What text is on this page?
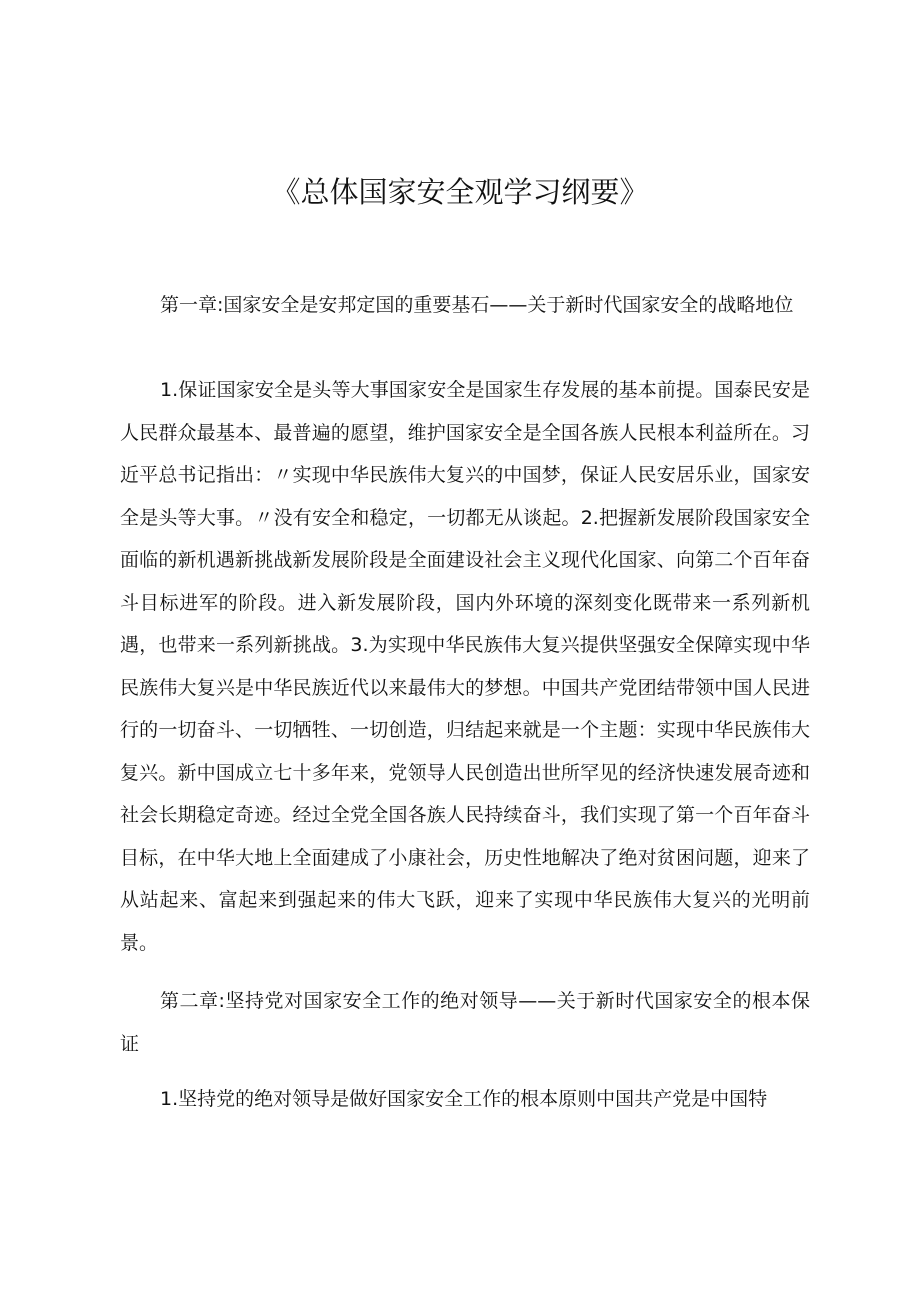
《总体国家安全观学习纲要》

第一章:国家安全是安邦定国的重要基石——关于新时代国家安全的战略地位

1.保证国家安全是头等大事国家安全是国家生存发展的基本前提。国泰民安是人民群众最基本、最普遍的愿望，维护国家安全是全国各族人民根本利益所在。习近平总书记指出：〃实现中华民族伟大复兴的中国梦，保证人民安居乐业，国家安全是头等大事。〃没有安全和稳定，一切都无从谈起。2.把握新发展阶段国家安全面临的新机遇新挑战新发展阶段是全面建设社会主义现代化国家、向第二个百年奋斗目标进军的阶段。进入新发展阶段，国内外环境的深刻变化既带来一系列新机遇，也带来一系列新挑战。3.为实现中华民族伟大复兴提供坚强安全保障实现中华民族伟大复兴是中华民族近代以来最伟大的梦想。中国共产党团结带领中国人民进行的一切奋斗、一切牺牲、一切创造，归结起来就是一个主题：实现中华民族伟大复兴。新中国成立七十多年来，党领导人民创造出世所罕见的经济快速发展奇迹和社会长期稳定奇迹。经过全党全国各族人民持续奋斗，我们实现了第一个百年奋斗目标，在中华大地上全面建成了小康社会，历史性地解决了绝对贫困问题，迎来了从站起来、富起来到强起来的伟大飞跃，迎来了实现中华民族伟大复兴的光明前景。

第二章:坚持党对国家安全工作的绝对领导——关于新时代国家安全的根本保证

1.坚持党的绝对领导是做好国家安全工作的根本原则中国共产党是中国特
